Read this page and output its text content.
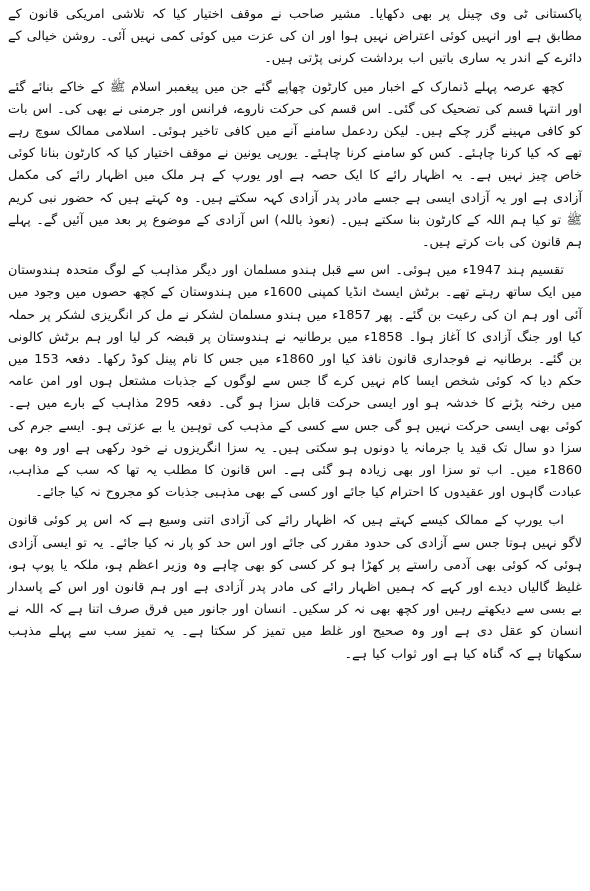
پاکستانی ٹی وی چینل پر بھی دکھایا۔ مشیر صاحب نے موقف اختیار کیا کہ تلاشی امریکی قانون کے مطابق ہے اور انہیں کوئی اعتراض نہیں ہوا اور ان کی عزت میں کوئی کمی نہیں آئی۔ روشن خیالی کے دائرے کے اندر یہ ساری باتیں اب برداشت کرنی پڑتی ہیں۔

کچھ عرصہ پہلے ڈنمارک کے اخبار میں کارٹون چھاپے گئے جن میں پیغمبر اسلام ﷺ کے خاکے بنائے گئے اور انتہا قسم کی تضحیک کی گئی۔ اس قسم کی حرکت ناروے، فرانس اور جرمنی نے بھی کی۔ اس بات کو کافی مہینے گزر چکے ہیں۔ لیکن ردعمل سامنے آنے میں کافی تاخیر ہوئی۔ اسلامی ممالک سوچ رہے تھے کہ کیا کرنا چاہئے۔ کس کو سامنے کرنا چاہئے۔ یورپی یونین نے موقف اختیار کیا کہ کارٹون بنانا کوئی خاص چیز نہیں ہے۔ یہ اظہار رائے کا ایک حصہ ہے اور یورپ کے ہر ملک میں اظہار رائے کی مکمل آزادی ہے اور یہ آزادی ایسی ہے جسے مادر پدر آزادی کہہ سکتے ہیں۔ وہ کہتے ہیں کہ حضور نبی کریم ﷺ تو کیا ہم اللہ کے کارٹون بنا سکتے ہیں۔ (نعوذ باللہ) اس آزادی کے موضوع پر بعد میں آئیں گے۔ پہلے ہم قانون کی بات کرتے ہیں۔

تقسیم ہند 1947ء میں ہوئی۔ اس سے قبل ہندو مسلمان اور دیگر مذاہب کے لوگ متحدہ ہندوستان میں ایک ساتھ رہتے تھے۔ برٹش ایسٹ انڈیا کمپنی 1600ء میں ہندوستان کے کچھ حصوں میں وجود میں آئی اور ہم ان کی رعیت بن گئے۔ پھر 1857ء میں ہندو مسلمان لشکر نے مل کر انگریزی لشکر پر حملہ کیا اور جنگ آزادی کا آغاز ہوا۔ 1858ء میں برطانیہ نے ہندوستان پر قبضہ کر لیا اور ہم برٹش کالونی بن گئے۔ برطانیہ نے فوجداری قانون نافذ کیا اور 1860ء میں جس کا نام پینل کوڈ رکھا۔ دفعہ 153 میں حکم دیا کہ کوئی شخص ایسا کام نہیں کرے گا جس سے لوگوں کے جذبات مشتعل ہوں اور امن عامہ میں رخنہ پڑنے کا خدشہ ہو اور ایسی حرکت قابل سزا ہو گی۔ دفعہ 295 مذاہب کے بارے میں ہے۔ کوئی بھی ایسی حرکت نہیں ہو گی جس سے کسی کے مذہب کی توہین یا بے عزتی ہو۔ ایسے جرم کی سزا دو سال تک قید یا جرمانہ یا دونوں ہو سکتی ہیں۔ یہ سزا انگریزوں نے خود رکھی ہے اور وہ بھی 1860ء میں۔ اب تو سزا اور بھی زیادہ ہو گئی ہے۔ اس قانون کا مطلب یہ تھا کہ سب کے مذاہب، عبادت گاہوں اور عقیدوں کا احترام کیا جائے اور کسی کے بھی مذہبی جذبات کو مجروح نہ کیا جائے۔

اب یورپ کے ممالک کیسے کہتے ہیں کہ اظہار رائے کی آزادی اتنی وسیع ہے کہ اس پر کوئی قانون لاگو نہیں ہوتا جس سے آزادی کی حدود مقرر کی جائے اور اس حد کو پار نہ کیا جائے۔ یہ تو ایسی آزادی ہوئی کہ کوئی بھی آدمی راستے پر کھڑا ہو کر کسی کو بھی چاہے وہ وزیر اعظم ہو، ملکہ یا پوپ ہو، غلیظ گالیاں دیدے اور کہے کہ ہمیں اظہار رائے کی مادر پدر آزادی ہے اور ہم قانون اور اس کے پاسدار بے بسی سے دیکھتے رہیں اور کچھ بھی نہ کر سکیں۔ انسان اور جانور میں فرق صرف اتنا ہے کہ اللہ نے انسان کو عقل دی ہے اور وہ صحیح اور غلط میں تمیز کر سکتا ہے۔ یہ تمیز سب سے پہلے مذہب سکھاتا ہے کہ گناہ کیا ہے اور ثواب کیا ہے۔
